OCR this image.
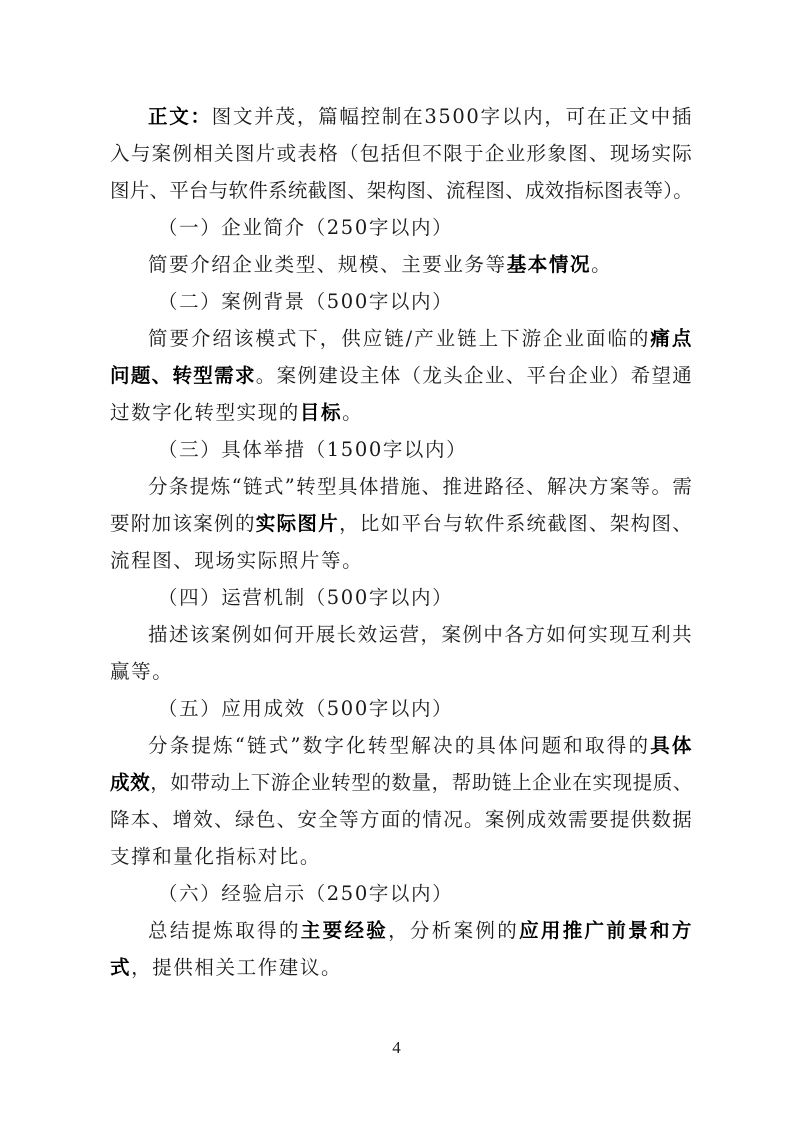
正文：图文并茂，篇幅控制在3500字以内，可在正文中插
入与案例相关图片或表格（包括但不限于企业形象图、现场实际
图片、平台与软件系统截图、架构图、流程图、成效指标图表等）。
（一）企业简介（250字以内）
简要介绍企业类型、规模、主要业务等基本情况。
（二）案例背景（500字以内）
简要介绍该模式下，供应链/产业链上下游企业面临的痛点
问题、转型需求。案例建设主体（龙头企业、平台企业）希望通
过数字化转型实现的目标。
（三）具体举措（1500字以内）
分条提炼“链式”转型具体措施、推进路径、解决方案等。需
要附加该案例的实际图片，比如平台与软件系统截图、架构图、
流程图、现场实际照片等。
（四）运营机制（500字以内）
描述该案例如何开展长效运营，案例中各方如何实现互利共
赢等。
（五）应用成效（500字以内）
分条提炼“链式”数字化转型解决的具体问题和取得的具体
成效，如带动上下游企业转型的数量，帮助链上企业在实现提质、
降本、增效、绿色、安全等方面的情况。案例成效需要提供数据
支撑和量化指标对比。
（六）经验启示（250字以内）
总结提炼取得的主要经验，分析案例的应用推广前景和方
式，提供相关工作建议。
4
